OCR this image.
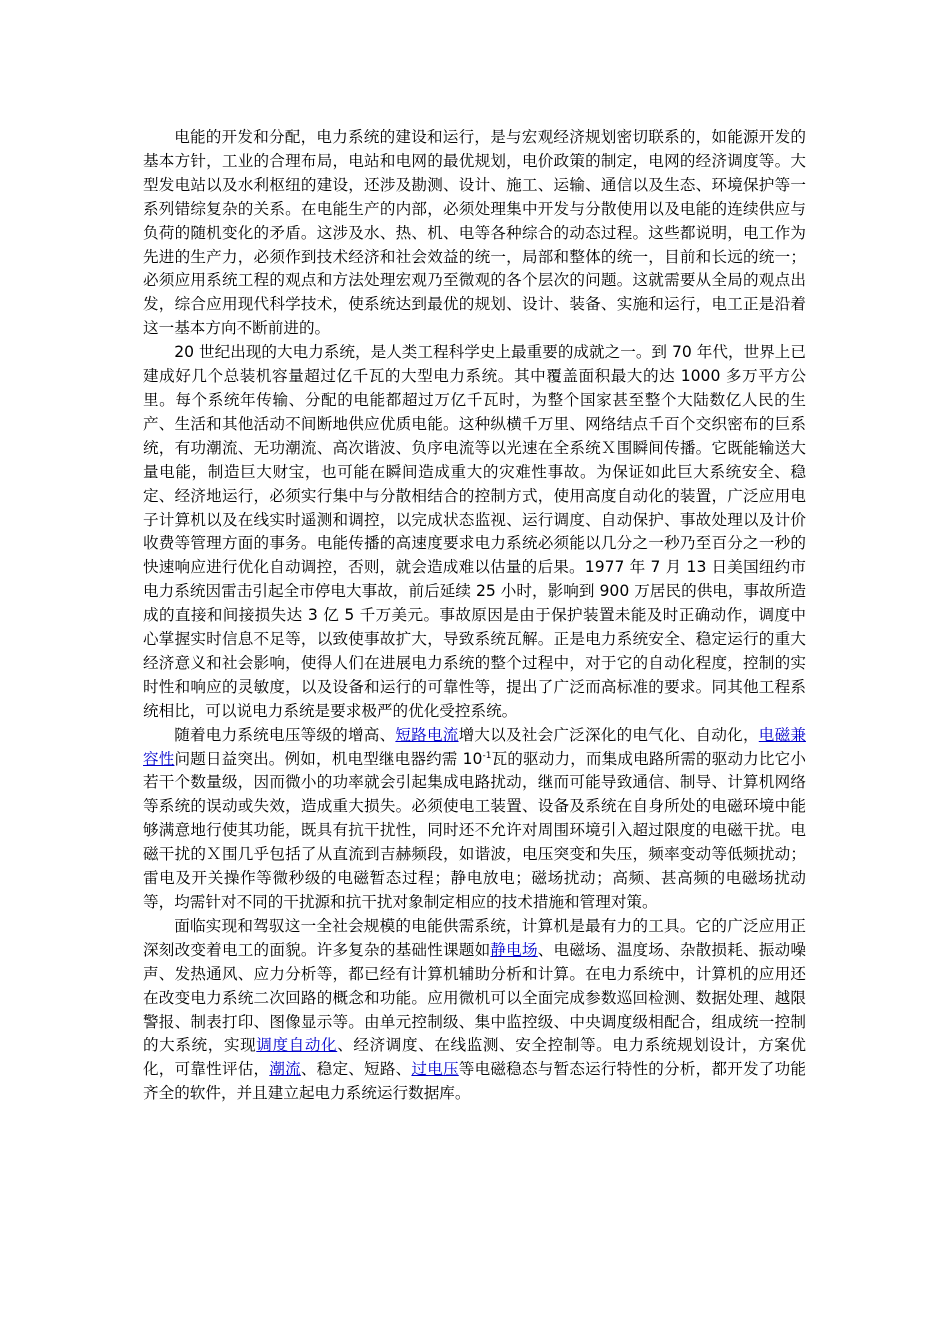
电能的开发和分配，电力系统的建设和运行，是与宏观经济规划密切联系的，如能源开发的基本方针，工业的合理布局，电站和电网的最优规划，电价政策的制定，电网的经济调度等。大型发电站以及水利枢纽的建设，还涉及勘测、设计、施工、运输、通信以及生态、环境保护等一系列错综复杂的关系。在电能生产的内部，必须处理集中开发与分散使用以及电能的连续供应与负荷的随机变化的矛盾。这涉及水、热、机、电等各种综合的动态过程。这些都说明，电工作为先进的生产力，必须作到技术经济和社会效益的统一，局部和整体的统一，目前和长远的统一；必须应用系统工程的观点和方法处理宏观乃至微观的各个层次的问题。这就需要从全局的观点出发，综合应用现代科学技术，使系统达到最优的规划、设计、装备、实施和运行，电工正是沿着这一基本方向不断前进的。

20 世纪出现的大电力系统，是人类工程科学史上最重要的成就之一。到 70 年代，世界上已建成好几个总装机容量超过亿千瓦的大型电力系统。其中覆盖面积最大的达 1000 多万平方公里。每个系统年传输、分配的电能都超过万亿千瓦时，为整个国家甚至整个大陆数亿人民的生产、生活和其他活动不间断地供应优质电能。这种纵横千万里、网络结点千百个交织密布的巨系统，有功潮流、无功潮流、高次谐波、负序电流等以光速在全系统Ｘ围瞬间传播。它既能输送大量电能，制造巨大财宝，也可能在瞬间造成重大的灾难性事故。为保证如此巨大系统安全、稳定、经济地运行，必须实行集中与分散相结合的控制方式，使用高度自动化的装置，广泛应用电子计算机以及在线实时遥测和调控，以完成状态监视、运行调度、自动保护、事故处理以及计价收费等管理方面的事务。电能传播的高速度要求电力系统必须能以几分之一秒乃至百分之一秒的快速响应进行优化自动调控，否则，就会造成难以估量的后果。1977 年 7 月 13 日美国纽约市电力系统因雷击引起全市停电大事故，前后延续 25 小时，影响到 900 万居民的供电，事故所造成的直接和间接损失达 3 亿 5 千万美元。事故原因是由于保护装置未能及时正确动作，调度中心掌握实时信息不足等，以致使事故扩大，导致系统瓦解。正是电力系统安全、稳定运行的重大经济意义和社会影响，使得人们在进展电力系统的整个过程中，对于它的自动化程度，控制的实时性和响应的灵敏度，以及设备和运行的可靠性等，提出了广泛而高标准的要求。同其他工程系统相比，可以说电力系统是要求极严的优化受控系统。

随着电力系统电压等级的增高、短路电流增大以及社会广泛深化的电气化、自动化，电磁兼容性问题日益突出。例如，机电型继电器约需 $10^{-1}$瓦的驱动力，而集成电路所需的驱动力比它小若干个数量级，因而微小的功率就会引起集成电路扰动，继而可能导致通信、制导、计算机网络等系统的误动或失效，造成重大损失。必须使电工装置、设备及系统在自身所处的电磁环境中能够满意地行使其功能，既具有抗干扰性，同时还不允许对周围环境引入超过限度的电磁干扰。电磁干扰的Ｘ围几乎包括了从直流到吉赫频段，如谐波，电压突变和失压，频率变动等低频扰动；雷电及开关操作等微秒级的电磁暂态过程；静电放电；磁场扰动；高频、甚高频的电磁场扰动等，均需针对不同的干扰源和抗干扰对象制定相应的技术措施和管理对策。

面临实现和驾驭这一全社会规模的电能供需系统，计算机是最有力的工具。它的广泛应用正深刻改变着电工的面貌。许多复杂的基础性课题如静电场、电磁场、温度场、杂散损耗、振动噪声、发热通风、应力分析等，都已经有计算机辅助分析和计算。在电力系统中，计算机的应用还在改变电力系统二次回路的概念和功能。应用微机可以全面完成参数巡回检测、数据处理、越限警报、制表打印、图像显示等。由单元控制级、集中监控级、中央调度级相配合，组成统一控制的大系统，实现调度自动化、经济调度、在线监测、安全控制等。电力系统规划设计，方案优化，可靠性评估，潮流、稳定、短路、过电压等电磁稳态与暂态运行特性的分析，都开发了功能齐全的软件，并且建立起电力系统运行数据库。
